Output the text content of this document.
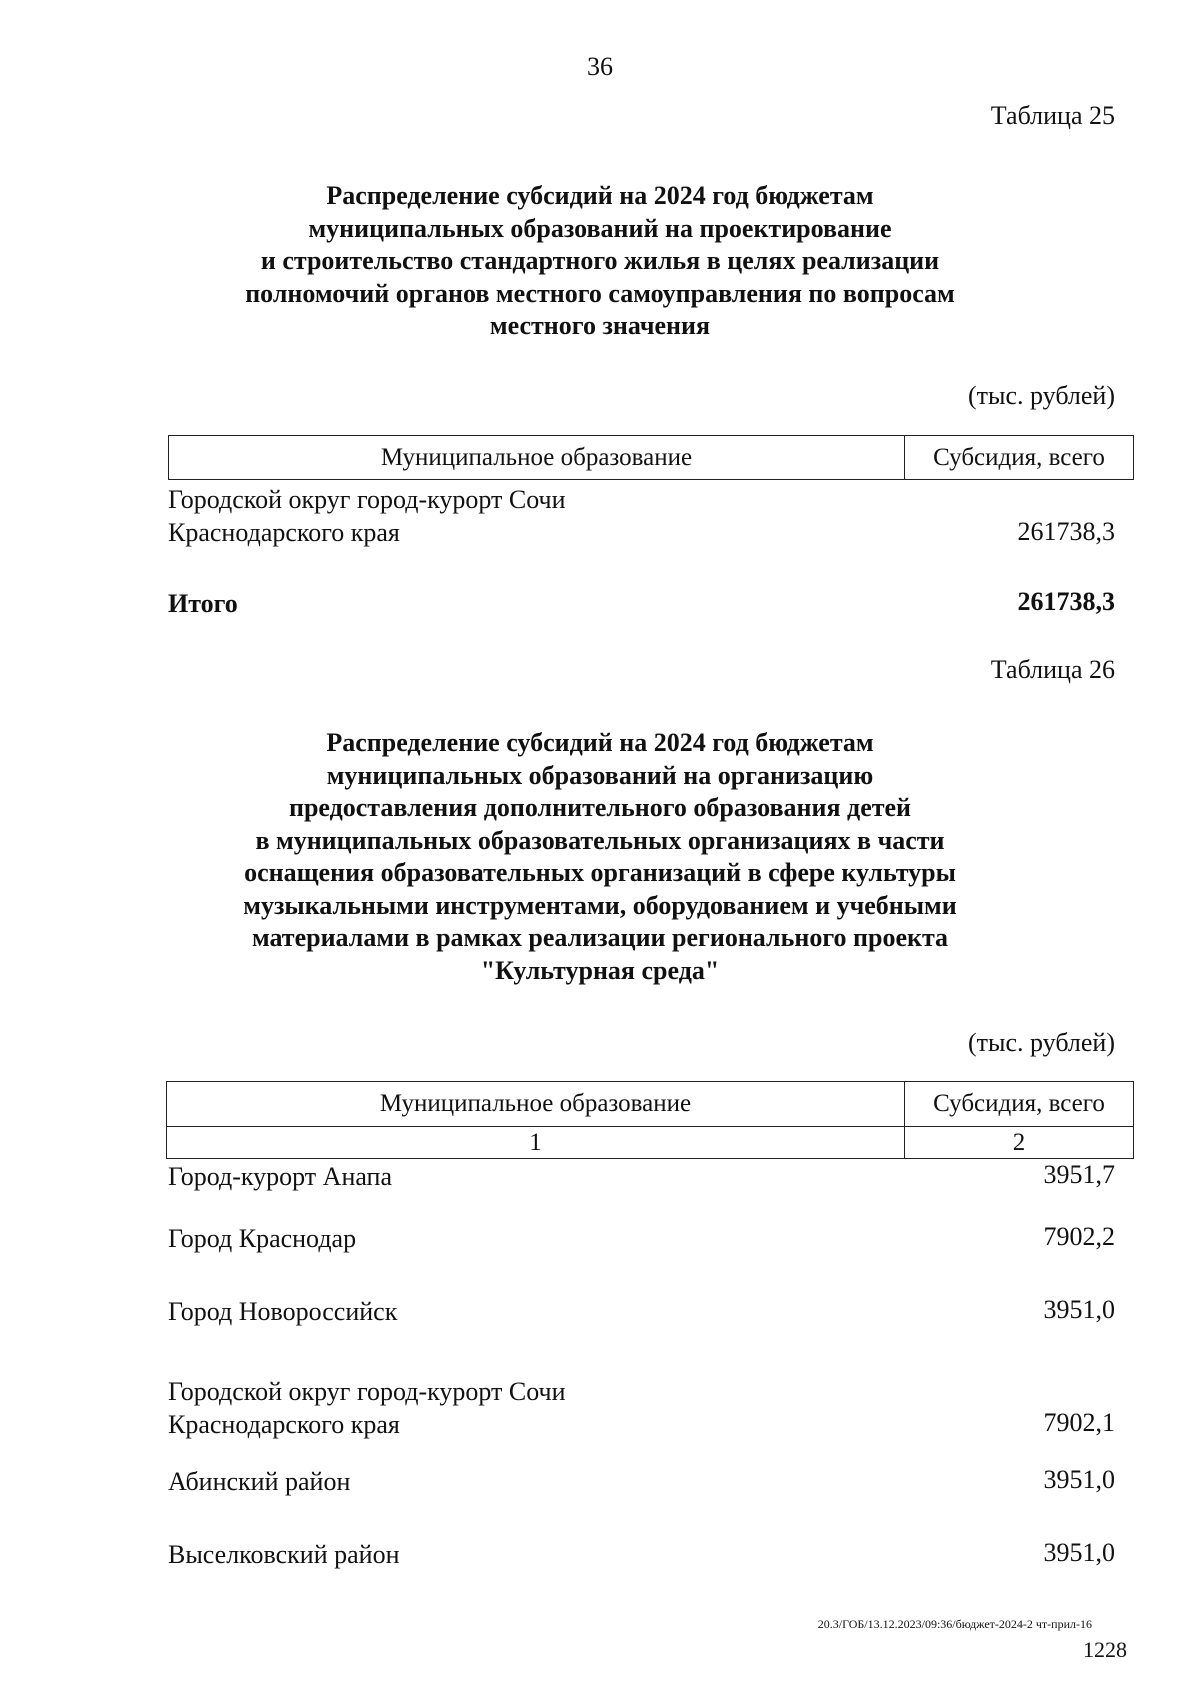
36
Таблица 25
Распределение субсидий на 2024 год бюджетам
муниципальных образований на проектирование
и строительство стандартного жилья в целях реализации
полномочий органов местного самоуправления по вопросам
местного значения
(тыс. рублей)
Муниципальное образование	Субсидия, всего
Городской округ город-курорт Сочи
Краснодарского края	261738,3
Итого	261738,3
Таблица 26
Распределение субсидий на 2024 год бюджетам
муниципальных образований на организацию
предоставления дополнительного образования детей
в муниципальных образовательных организациях в части
оснащения образовательных организаций в сфере культуры
музыкальными инструментами, оборудованием и учебными
материалами в рамках реализации регионального проекта
"Культурная среда"
(тыс. рублей)
Муниципальное образование	Субсидия, всего
1	2
Город-курорт Анапа	3951,7
Город Краснодар	7902,2
Город Новороссийск	3951,0
Городской округ город-курорт Сочи
Краснодарского края	7902,1
Абинский район	3951,0
Выселковский район	3951,0
20.3/ГОБ/13.12.2023/09:36/бюджет-2024-2 чт-прил-16
1228
